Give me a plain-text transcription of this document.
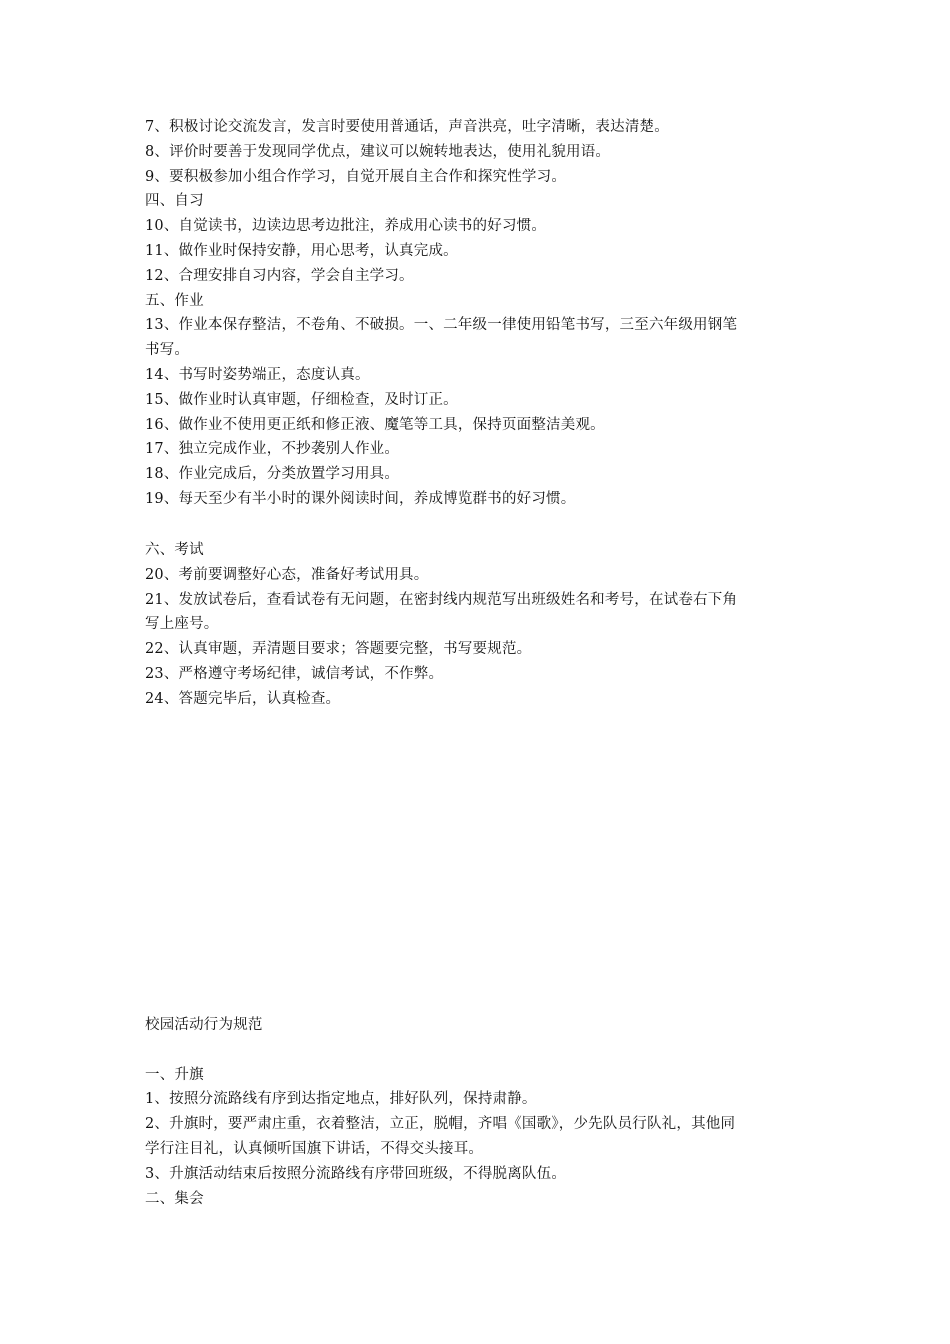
7、积极讨论交流发言，发言时要使用普通话，声音洪亮，吐字清晰，表达清楚。
8、评价时要善于发现同学优点，建议可以婉转地表达，使用礼貌用语。
9、要积极参加小组合作学习，自觉开展自主合作和探究性学习。
四、自习
10、自觉读书，边读边思考边批注，养成用心读书的好习惯。
11、做作业时保持安静，用心思考，认真完成。
12、合理安排自习内容，学会自主学习。
五、作业
13、作业本保存整洁，不卷角、不破损。一、二年级一律使用铅笔书写，三至六年级用钢笔
书写。
14、书写时姿势端正，态度认真。
15、做作业时认真审题，仔细检查，及时订正。
16、做作业不使用更正纸和修正液、魔笔等工具，保持页面整洁美观。
17、独立完成作业，不抄袭别人作业。
18、作业完成后，分类放置学习用具。
19、每天至少有半小时的课外阅读时间，养成博览群书的好习惯。
六、考试
20、考前要调整好心态，准备好考试用具。
21、发放试卷后，查看试卷有无问题，在密封线内规范写出班级姓名和考号，在试卷右下角
写上座号。
22、认真审题，弄清题目要求；答题要完整，书写要规范。
23、严格遵守考场纪律，诚信考试，不作弊。
24、答题完毕后，认真检查。
校园活动行为规范
一、升旗
1、按照分流路线有序到达指定地点，排好队列，保持肃静。
2、升旗时，要严肃庄重，衣着整洁，立正，脱帽，齐唱《国歌》，少先队员行队礼，其他同
学行注目礼，认真倾听国旗下讲话，不得交头接耳。
3、升旗活动结束后按照分流路线有序带回班级，不得脱离队伍。
二、集会
